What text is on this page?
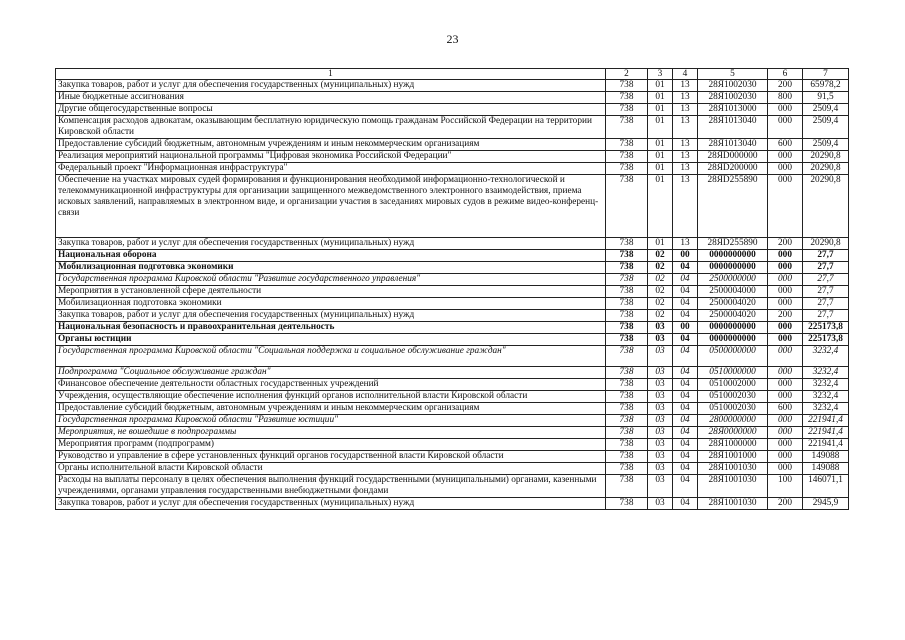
23
1	2	3	4	5	6	7
Закупка товаров, работ и услуг для обеспечения государственных (муниципальных) нужд	738	01	13	28Я1002030	200	65978,2
Иные бюджетные ассигнования	738	01	13	28Я1002030	800	91,5
Другие общегосударственные вопросы	738	01	13	28Я1013000	000	2509,4
Компенсация расходов адвокатам, оказывающим бесплатную юридическую помощь гражданам Российской Федерации на территории Кировской области	738	01	13	28Я1013040	000	2509,4
Предоставление субсидий бюджетным, автономным учреждениям и иным некоммерческим организациям	738	01	13	28Я1013040	600	2509,4
Реализация мероприятий национальной программы "Цифровая экономика Российской Федерации"	738	01	13	28ЯD000000	000	20290,8
Федеральный проект "Информационная инфраструктура"	738	01	13	28ЯD200000	000	20290,8
Обеспечение на участках мировых судей формирования и функционирования необходимой информационно-технологической и телекоммуникационной инфраструктуры для организации защищенного межведомственного электронного взаимодействия, приема исковых заявлений, направляемых в электронном виде, и организации участия в заседаниях мировых судов в режиме видео-конференц-связи	738	01	13	28ЯD255890	000	20290,8
Закупка товаров, работ и услуг для обеспечения государственных (муниципальных) нужд	738	01	13	28ЯD255890	200	20290,8
Национальная оборона	738	02	00	0000000000	000	27,7
Мобилизационная подготовка экономики	738	02	04	0000000000	000	27,7
Государственная программа Кировской области "Развитие государственного управления"	738	02	04	2500000000	000	27,7
Мероприятия в установленной сфере деятельности	738	02	04	2500004000	000	27,7
Мобилизационная подготовка экономики	738	02	04	2500004020	000	27,7
Закупка товаров, работ и услуг для обеспечения государственных (муниципальных) нужд	738	02	04	2500004020	200	27,7
Национальная безопасность и правоохранительная деятельность	738	03	00	0000000000	000	225173,8
Органы юстиции	738	03	04	0000000000	000	225173,8
Государственная программа Кировской области "Социальная поддержка и социальное обслуживание граждан"	738	03	04	0500000000	000	3232,4
Подпрограмма "Социальное обслуживание граждан"	738	03	04	0510000000	000	3232,4
Финансовое обеспечение деятельности областных государственных учреждений	738	03	04	0510002000	000	3232,4
Учреждения, осуществляющие обеспечение исполнения функций органов исполнительной власти Кировской области	738	03	04	0510002030	000	3232,4
Предоставление субсидий бюджетным, автономным учреждениям и иным некоммерческим организациям	738	03	04	0510002030	600	3232,4
Государственная программа Кировской области "Развитие юстиции"	738	03	04	2800000000	000	221941,4
Мероприятия, не вошедшие в подпрограммы	738	03	04	28Я0000000	000	221941,4
Мероприятия программ (подпрограмм)	738	03	04	28Я1000000	000	221941,4
Руководство и управление в сфере установленных функций органов государственной власти Кировской области	738	03	04	28Я1001000	000	149088
Органы исполнительной власти Кировской области	738	03	04	28Я1001030	000	149088
Расходы на выплаты персоналу в целях обеспечения выполнения функций государственными (муниципальными) органами, казенными учреждениями, органами управления государственными внебюджетными фондами	738	03	04	28Я1001030	100	146071,1
Закупка товаров, работ и услуг для обеспечения государственных (муниципальных) нужд	738	03	04	28Я1001030	200	2945,9
